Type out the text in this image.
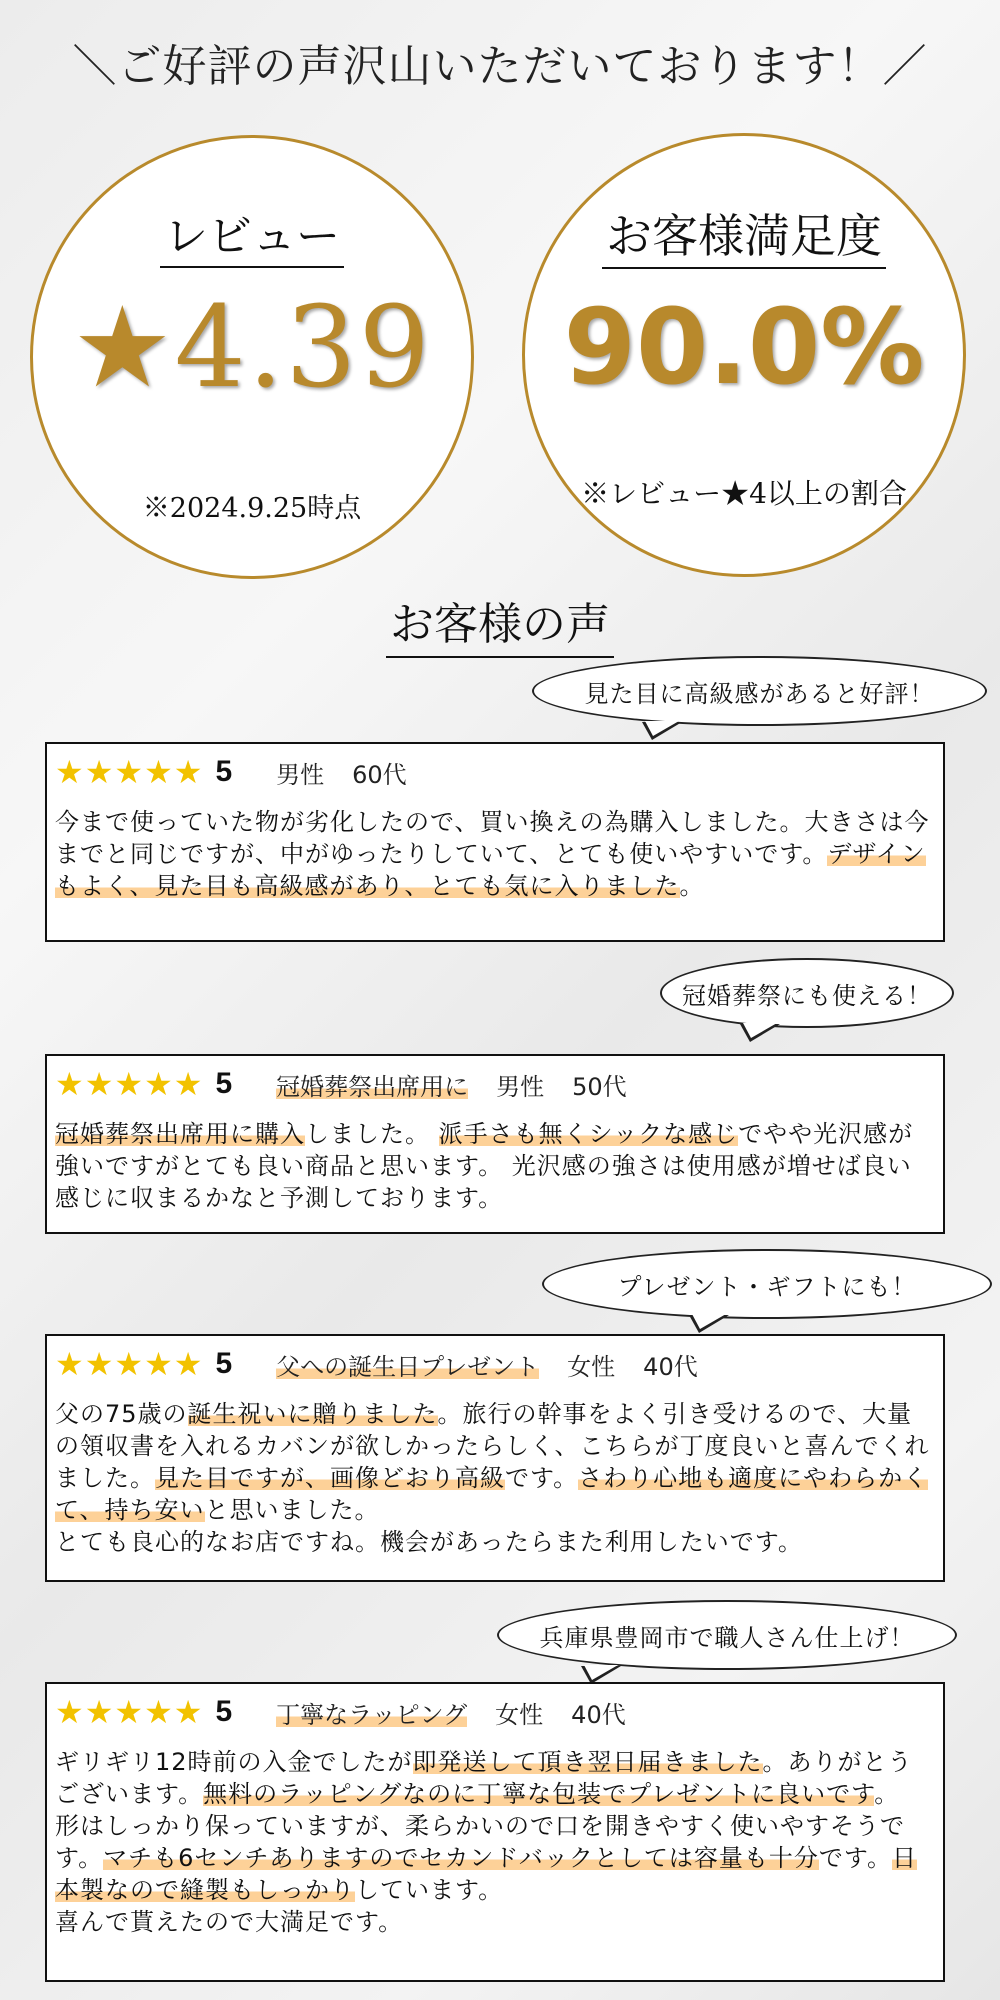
＼ご好評の声沢山いただいております！／
レビュー
★4.39
※2024.9.25時点
お客様満足度
90.0%
※レビュー★4以上の割合
お客様の声
見た目に高級感があると好評！
★★★★★ 5 男性 60代
今まで使っていた物が劣化したので、買い換えの為購入しました。大きさは今までと同じですが、中がゆったりしていて、とても使いやすいです。デザインもよく、見た目も高級感があり、とても気に入りました。
冠婚葬祭にも使える！
★★★★★ 5 冠婚葬祭出席用に 男性 50代
冠婚葬祭出席用に購入しました。 派手さも無くシックな感じでやや光沢感が強いですがとても良い商品と思います。 光沢感の強さは使用感が増せば良い感じに収まるかなと予測しております。
プレゼント・ギフトにも！
★★★★★ 5 父への誕生日プレゼント 女性 40代
父の75歳の誕生祝いに贈りました。旅行の幹事をよく引き受けるので、大量の領収書を入れるカバンが欲しかったらしく、こちらが丁度良いと喜んでくれました。見た目ですが、画像どおり高級です。さわり心地も適度にやわらかくて、持ち安いと思いました。
とても良心的なお店ですね。機会があったらまた利用したいです。
兵庫県豊岡市で職人さん仕上げ！
★★★★★ 5 丁寧なラッピング 女性 40代
ギリギリ12時前の入金でしたが即発送して頂き翌日届きました。ありがとうございます。無料のラッピングなのに丁寧な包装でプレゼントに良いです。
形はしっかり保っていますが、柔らかいので口を開きやすく使いやすそうです。マチも6センチありますのでセカンドバックとしては容量も十分です。日本製なので縫製もしっかりしています。
喜んで貰えたので大満足です。
